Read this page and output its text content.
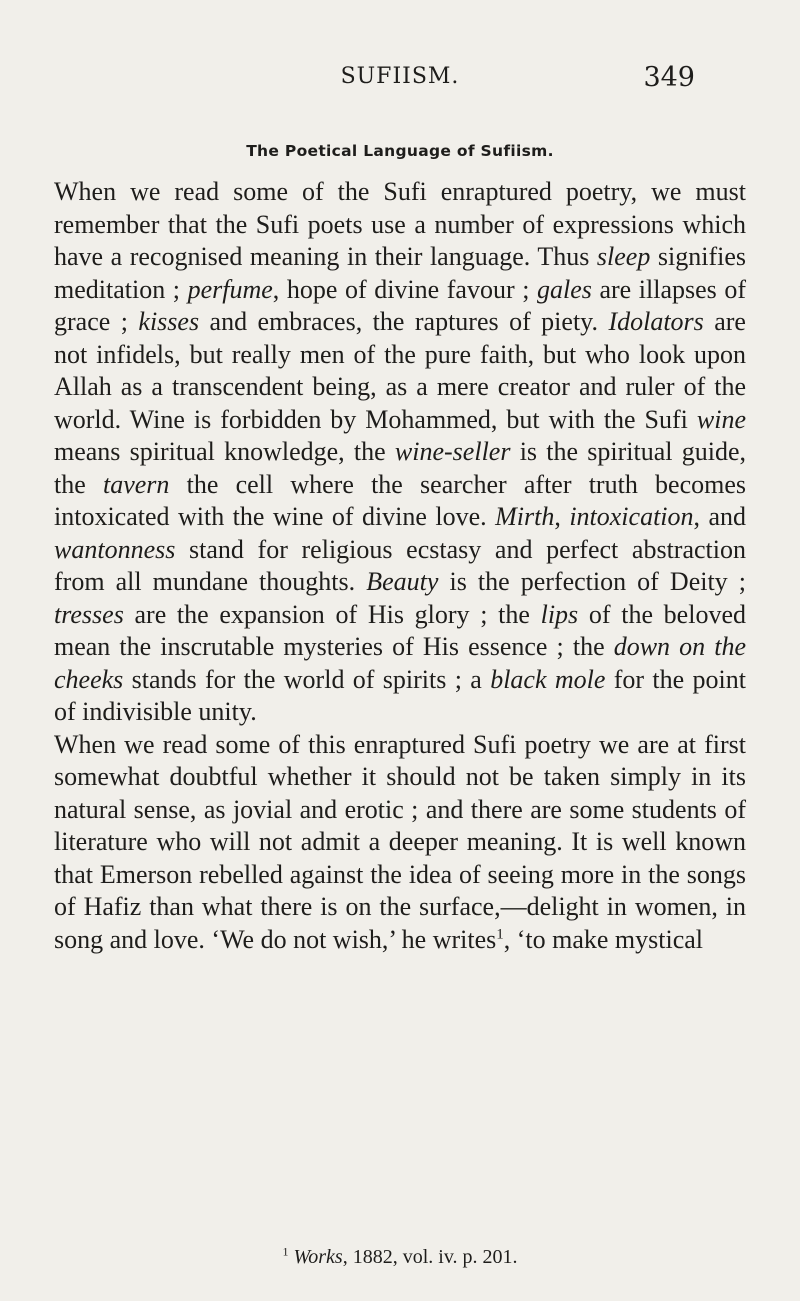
SUFIISM.	349
The Poetical Language of Sufiism.

When we read some of the Sufi enraptured poetry, we must remember that the Sufi poets use a number of expressions which have a recognised meaning in their language. Thus sleep signifies meditation ; perfume, hope of divine favour ; gales are illapses of grace ; kisses and embraces, the raptures of piety. Idolators are not infidels, but really men of the pure faith, but who look upon Allah as a transcendent being, as a mere creator and ruler of the world. Wine is forbidden by Mohammed, but with the Sufi wine means spiritual knowledge, the wine-seller is the spiritual guide, the tavern the cell where the searcher after truth becomes intoxicated with the wine of divine love. Mirth, intoxication, and wantonness stand for religious ecstasy and perfect abstraction from all mundane thoughts. Beauty is the perfection of Deity ; tresses are the expansion of His glory ; the lips of the beloved mean the inscrutable mysteries of His essence ; the down on the cheeks stands for the world of spirits ; a black mole for the point of indivisible unity.

When we read some of this enraptured Sufi poetry we are at first somewhat doubtful whether it should not be taken simply in its natural sense, as jovial and erotic ; and there are some students of literature who will not admit a deeper meaning. It is well known that Emerson rebelled against the idea of seeing more in the songs of Hafiz than what there is on the surface,—delight in women, in song and love. ‘We do not wish,’ he writes$^1$, ‘to make mystical

$^1$ Works, 1882, vol. iv. p. 201.
